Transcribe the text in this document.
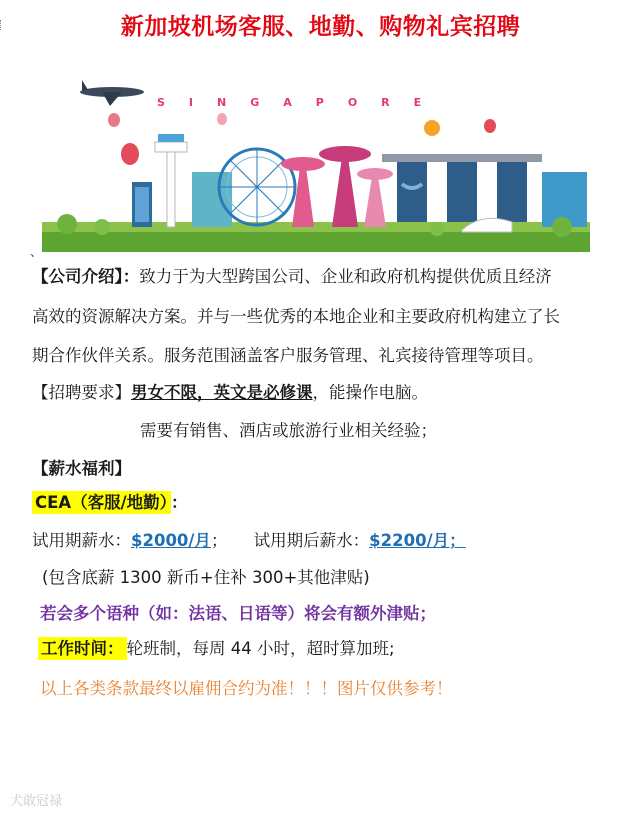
新加坡机场客服、地勤、购物礼宾招聘
SINGAPORE
、
【公司介绍】：致力于为大型跨国公司、企业和政府机构提供优质且经济
高效的资源解决方案。并与一些优秀的本地企业和主要政府机构建立了长
期合作伙伴关系。服务范围涵盖客户服务管理、礼宾接待管理等项目。
【招聘要求】男女不限，英文是必修课，能操作电脑。
需要有销售、酒店或旅游行业相关经验；
【薪水福利】
CEA（客服/地勤） ：
试用期薪水：$2000/月； 试用期后薪水：$2200/月；
(包含底薪 1300 新币+住补 300+其他津贴)
若会多个语种（如：法语、日语等）将会有额外津贴；
工作时间： 轮班制，每周 44 小时，超时算加班;
以上各类条款最终以雇佣合约为准！！！图片仅供参考！
犬敢冠禄
